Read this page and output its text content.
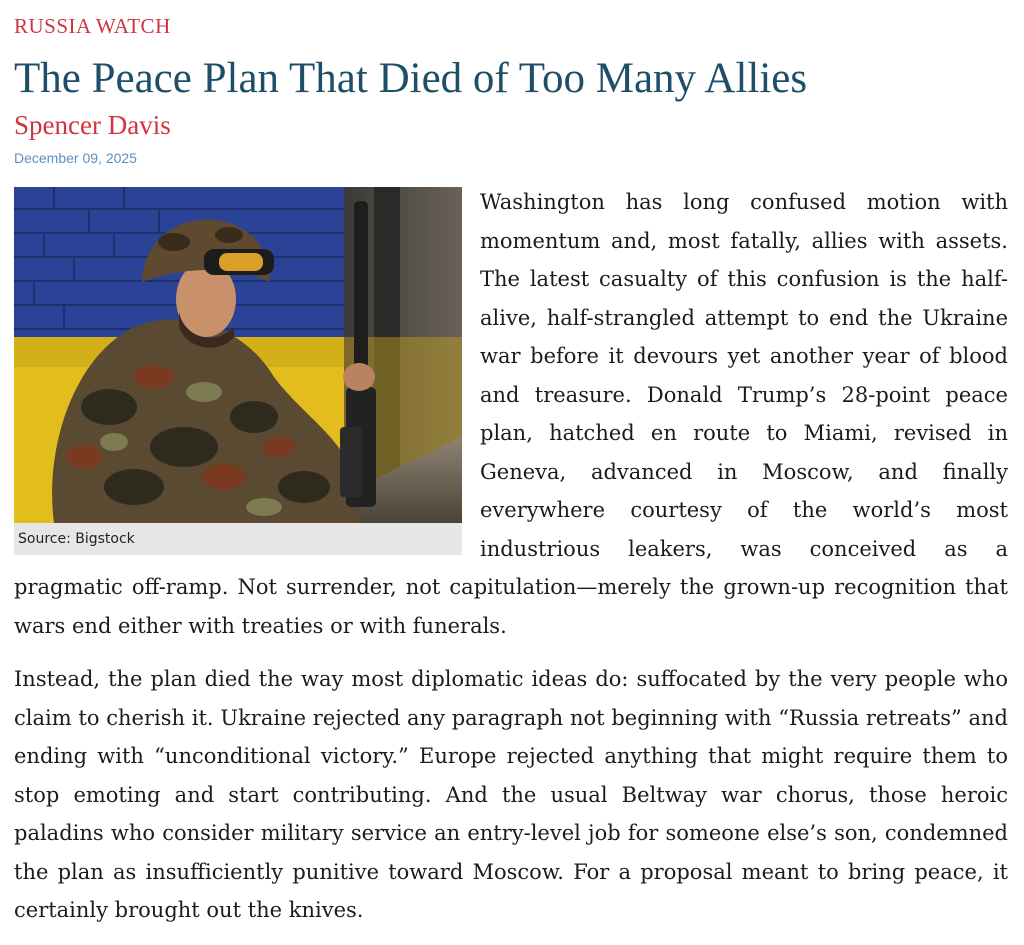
RUSSIA WATCH
The Peace Plan That Died of Too Many Allies
Spencer Davis
December 09, 2025
Source: Bigstock

Washington has long confused motion with momentum and, most fatally, allies with assets. The latest casualty of this confusion is the half-alive, half-strangled attempt to end the Ukraine war before it devours yet another year of blood and treasure. Donald Trump’s 28-point peace plan, hatched en route to Miami, revised in Geneva, advanced in Moscow, and finally everywhere courtesy of the world’s most industrious leakers, was conceived as a pragmatic off-ramp. Not surrender, not capitulation—merely the grown-up recognition that wars end either with treaties or with funerals.

Instead, the plan died the way most diplomatic ideas do: suffocated by the very people who claim to cherish it. Ukraine rejected any paragraph not beginning with “Russia retreats” and ending with “unconditional victory.” Europe rejected anything that might require them to stop emoting and start contributing. And the usual Beltway war chorus, those heroic paladins who consider military service an entry-level job for someone else’s son, condemned the plan as insufficiently punitive toward Moscow. For a proposal meant to bring peace, it certainly brought out the knives.
